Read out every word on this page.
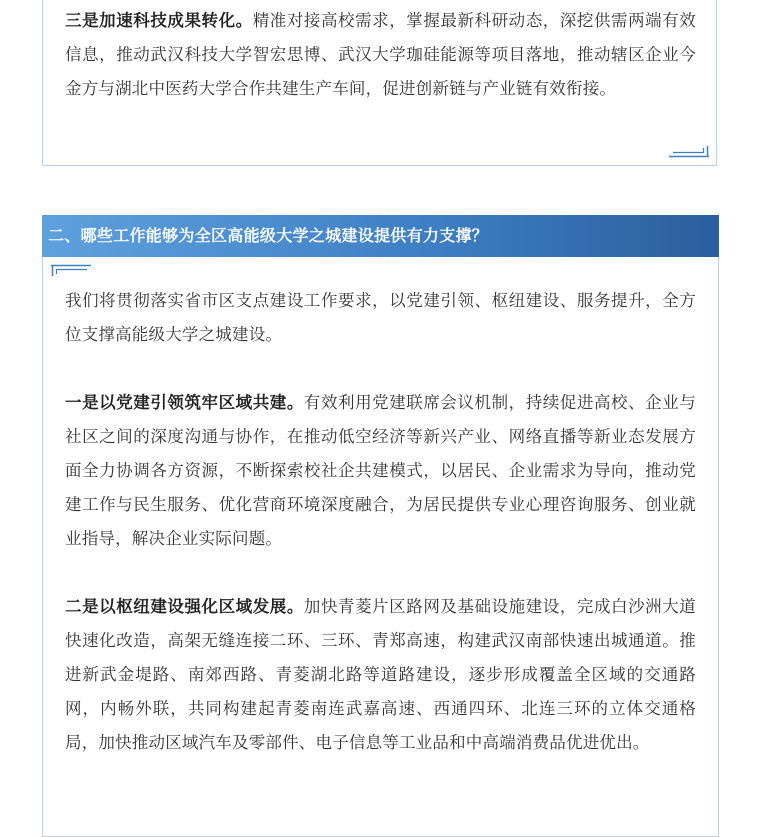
三是加速科技成果转化。精准对接高校需求，掌握最新科研动态，深挖供需两端有效信息，推动武汉科技大学智宏思博、武汉大学珈硅能源等项目落地，推动辖区企业今金方与湖北中医药大学合作共建生产车间，促进创新链与产业链有效衔接。
二、哪些工作能够为全区高能级大学之城建设提供有力支撑？

我们将贯彻落实省市区支点建设工作要求，以党建引领、枢纽建设、服务提升，全方位支撑高能级大学之城建设。

一是以党建引领筑牢区域共建。有效利用党建联席会议机制，持续促进高校、企业与社区之间的深度沟通与协作，在推动低空经济等新兴产业、网络直播等新业态发展方面全力协调各方资源，不断探索校社企共建模式，以居民、企业需求为导向，推动党建工作与民生服务、优化营商环境深度融合，为居民提供专业心理咨询服务、创业就业指导，解决企业实际问题。

二是以枢纽建设强化区域发展。加快青菱片区路网及基础设施建设，完成白沙洲大道快速化改造，高架无缝连接二环、三环、青郑高速，构建武汉南部快速出城通道。推进新武金堤路、南郊西路、青菱湖北路等道路建设，逐步形成覆盖全区域的交通路网，内畅外联，共同构建起青菱南连武嘉高速、西通四环、北连三环的立体交通格局，加快推动区域汽车及零部件、电子信息等工业品和中高端消费品优进优出。
